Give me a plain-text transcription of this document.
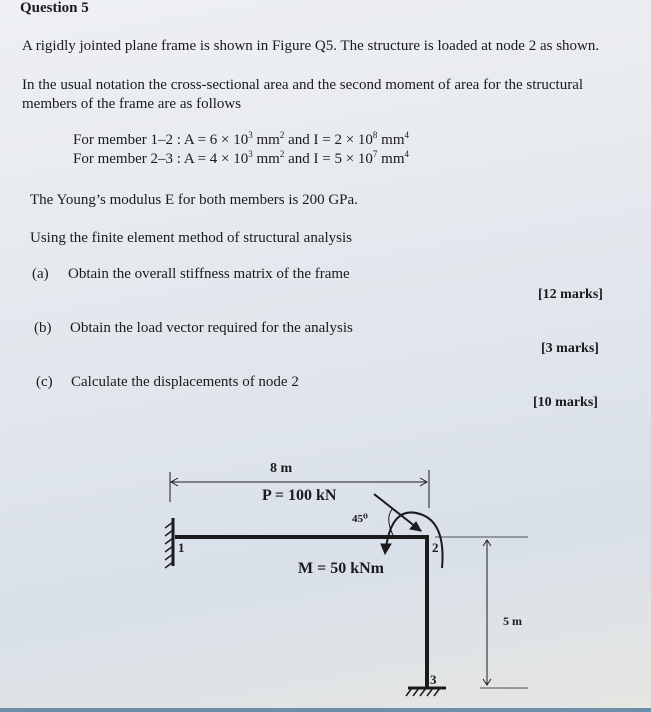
Question 5
A rigidly jointed plane frame is shown in Figure Q5. The structure is loaded at node 2 as shown.
In the usual notation the cross-sectional area and the second moment of area for the structural
members of the frame are as follows
For member 1–2 : $A = 6 \times 10^3$ $mm^2$ and $I = 2 \times 10^8$ $mm^4$
For member 2–3 : $A = 4 \times 10^3$ $mm^2$ and $I = 5 \times 10^7$ $mm^4$
The Young’s modulus E for both members is 200 GPa.
Using the finite element method of structural analysis
(a) Obtain the overall stiffness matrix of the frame
[12 marks]
(b) Obtain the load vector required for the analysis
[3 marks]
(c) Calculate the displacements of node 2
[10 marks]
8 m
P = 100 kN
45⁰
M = 50 kNm
1	2
3
5 m
